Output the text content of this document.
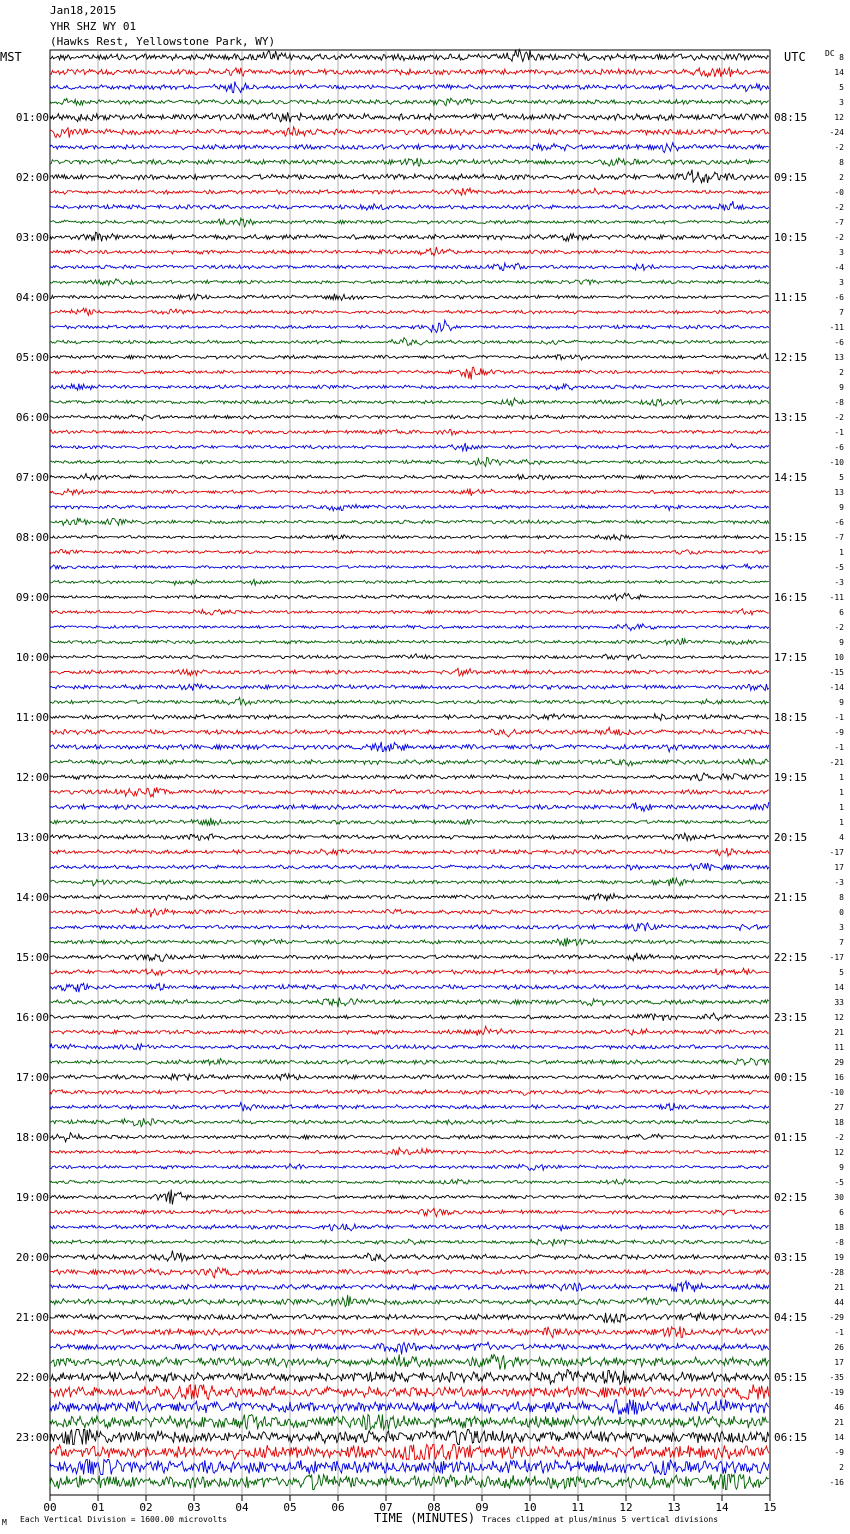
Jan18,2015
YHR SHZ WY 01
(Hawks Rest, Yellowstone Park, WY)
MST	UTC DC
00	01	02	03	04	05	06	07	08	09	10	11	12	13	14	15
8
14
5
3
12
-24
-2
8
2
-0
-2
-7
-2
3
-4
3
-6
7
-11
-6
13
2
9
-8
-2
-1
-6
-10
5
13
9
-6
-7
1
-5
-3
-11
6
-2
9
10
-15
-14
9
-1
-9
-1
-21
1
1
1
1
4
-17
17
-3
8
0
3
7
-17
5
14
33
12
21
11
29
16
-10
27
18
-2
12
9
-5
30
6
18
-8
19
-28
21
44
-29
-1
26
17
-35
-19
46
21
14
-9
2
-16
01:00
02:00
03:00
04:00
05:00
06:00
07:00
08:00
09:00
10:00
11:00
12:00
13:00
14:00
15:00
16:00
17:00
18:00
19:00
20:00
21:00
22:00
23:00
08:15
09:15
10:15
11:15
12:15
13:15
14:15
15:15
16:15
17:15
18:15
19:15
20:15
21:15
22:15
23:15
00:15
01:15
02:15
03:15
04:15
05:15
06:15
TIME (MINUTES)
M Each Vertical Division = 1600.00 microvolts	Traces clipped at plus/minus 5 vertical divisions
